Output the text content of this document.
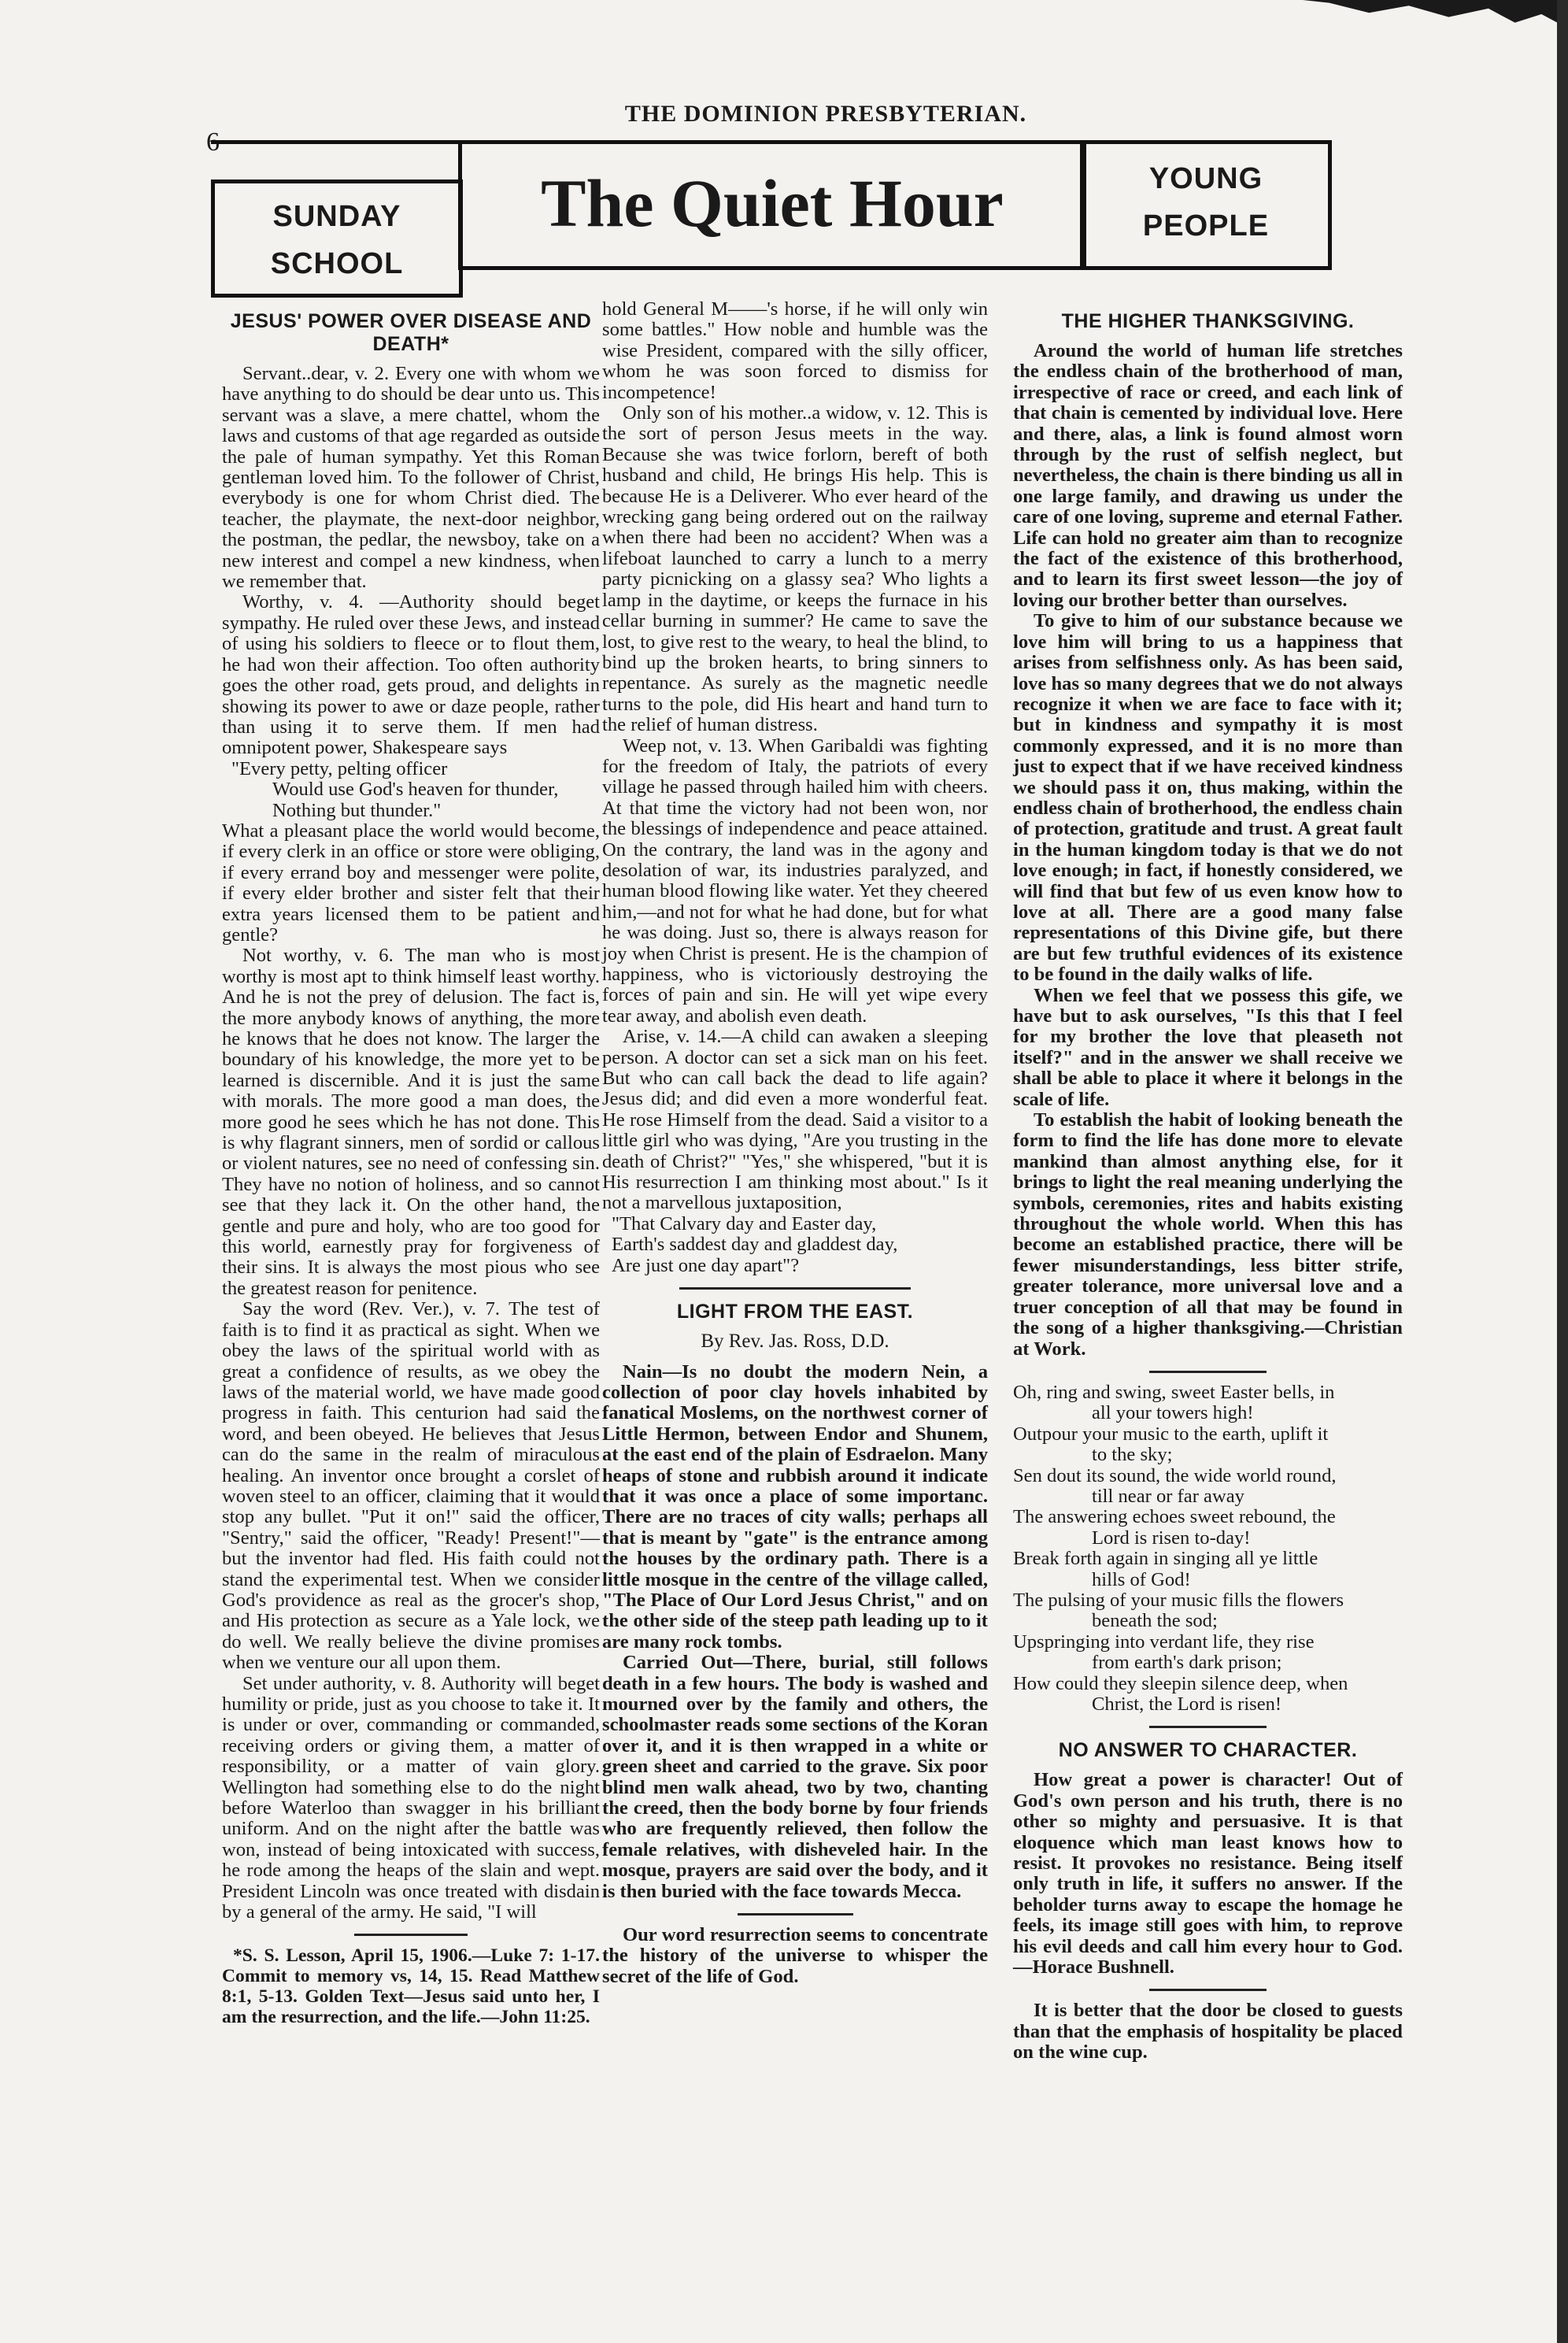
THE DOMINION PRESBYTERIAN.
6
SUNDAY
SCHOOL
The Quiet Hour	YOUNG
PEOPLE
JESUS' POWER OVER DISEASE AND DEATH*

Servant..dear, v. 2. Every one with whom we have anything to do should be dear unto us. This servant was a slave, a mere chattel, whom the laws and customs of that age regarded as outside the pale of human sympathy. Yet this Roman gentleman loved him. To the follower of Christ, everybody is one for whom Christ died. The teacher, the playmate, the next-door neighbor, the postman, the pedlar, the newsboy, take on a new interest and compel a new kindness, when we remember that.

Worthy, v. 4. —Authority should beget sympathy. He ruled over these Jews, and instead of using his soldiers to fleece or to flout them, he had won their affection. Too often authority goes the other road, gets proud, and delights in showing its power to awe or daze people, rather than using it to serve them. If men had omnipotent power, Shakespeare says

"Every petty, pelting officer

Would use God's heaven for thunder,

Nothing but thunder."

What a pleasant place the world would become, if every clerk in an office or store were obliging, if every errand boy and messenger were polite, if every elder brother and sister felt that their extra years licensed them to be patient and gentle?

Not worthy, v. 6. The man who is most worthy is most apt to think himself least worthy. And he is not the prey of delusion. The fact is, the more anybody knows of anything, the more he knows that he does not know. The larger the boundary of his knowledge, the more yet to be learned is discernible. And it is just the same with morals. The more good a man does, the more good he sees which he has not done. This is why flagrant sinners, men of sordid or callous or violent natures, see no need of confessing sin. They have no notion of holiness, and so cannot see that they lack it. On the other hand, the gentle and pure and holy, who are too good for this world, earnestly pray for forgiveness of their sins. It is always the most pious who see the greatest reason for penitence.

Say the word (Rev. Ver.), v. 7. The test of faith is to find it as practical as sight. When we obey the laws of the spiritual world with as great a confidence of results, as we obey the laws of the material world, we have made good progress in faith. This centurion had said the word, and been obeyed. He believes that Jesus can do the same in the realm of miraculous healing. An inventor once brought a corslet of woven steel to an officer, claiming that it would stop any bullet. "Put it on!" said the officer, "Sentry," said the officer, "Ready! Present!"—but the inventor had fled. His faith could not stand the experimental test. When we consider God's providence as real as the grocer's shop, and His protection as secure as a Yale lock, we do well. We really believe the divine promises when we venture our all upon them.

Set under authority, v. 8. Authority will beget humility or pride, just as you choose to take it. It is under or over, commanding or commanded, receiving orders or giving them, a matter of responsibility, or a matter of vain glory. Wellington had something else to do the night before Waterloo than swagger in his brilliant uniform. And on the night after the battle was won, instead of being intoxicated with success, he rode among the heaps of the slain and wept. President Lincoln was once treated with disdain by a general of the army. He said, "I will

*S. S. Lesson, April 15, 1906.—Luke 7: 1-17. Commit to memory vs, 14, 15. Read Matthew 8:1, 5-13. Golden Text—Jesus said unto her, I am the resurrection, and the life.—John 11:25.

hold General M——'s horse, if he will only win some battles." How noble and humble was the wise President, compared with the silly officer, whom he was soon forced to dismiss for incompetence!

Only son of his mother..a widow, v. 12. This is the sort of person Jesus meets in the way. Because she was twice forlorn, bereft of both husband and child, He brings His help. This is because He is a Deliverer. Who ever heard of the wrecking gang being ordered out on the railway when there had been no accident? When was a lifeboat launched to carry a lunch to a merry party picnicking on a glassy sea? Who lights a lamp in the daytime, or keeps the furnace in his cellar burning in summer? He came to save the lost, to give rest to the weary, to heal the blind, to bind up the broken hearts, to bring sinners to repentance. As surely as the magnetic needle turns to the pole, did His heart and hand turn to the relief of human distress.

Weep not, v. 13. When Garibaldi was fighting for the freedom of Italy, the patriots of every village he passed through hailed him with cheers. At that time the victory had not been won, nor the blessings of independence and peace attained. On the contrary, the land was in the agony and desolation of war, its industries paralyzed, and human blood flowing like water. Yet they cheered him,—and not for what he had done, but for what he was doing. Just so, there is always reason for joy when Christ is present. He is the champion of happiness, who is victoriously destroying the forces of pain and sin. He will yet wipe every tear away, and abolish even death.

Arise, v. 14.—A child can awaken a sleeping person. A doctor can set a sick man on his feet. But who can call back the dead to life again? Jesus did; and did even a more wonderful feat. He rose Himself from the dead. Said a visitor to a little girl who was dying, "Are you trusting in the death of Christ?" "Yes," she whispered, "but it is His resurrection I am thinking most about." Is it not a marvellous juxtaposition,

"That Calvary day and Easter day,

Earth's saddest day and gladdest day,

Are just one day apart"?

LIGHT FROM THE EAST.
By Rev. Jas. Ross, D.D.

Nain—Is no doubt the modern Nein, a collection of poor clay hovels inhabited by fanatical Moslems, on the northwest corner of Little Hermon, between Endor and Shunem, at the east end of the plain of Esdraelon. Many heaps of stone and rubbish around it indicate that it was once a place of some importanc. There are no traces of city walls; perhaps all that is meant by "gate" is the entrance among the houses by the ordinary path. There is a little mosque in the centre of the village called, "The Place of Our Lord Jesus Christ," and on the other side of the steep path leading up to it are many rock tombs.

Carried Out—There, burial, still follows death in a few hours. The body is washed and mourned over by the family and others, the schoolmaster reads some sections of the Koran over it, and it is then wrapped in a white or green sheet and carried to the grave. Six poor blind men walk ahead, two by two, chanting the creed, then the body borne by four friends who are frequently relieved, then follow the female relatives, with disheveled hair. In the mosque, prayers are said over the body, and it is then buried with the face towards Mecca.

Our word resurrection seems to concentrate the history of the universe to whisper the secret of the life of God.

THE HIGHER THANKSGIVING.

Around the world of human life stretches the endless chain of the brotherhood of man, irrespective of race or creed, and each link of that chain is cemented by individual love. Here and there, alas, a link is found almost worn through by the rust of selfish neglect, but nevertheless, the chain is there binding us all in one large family, and drawing us under the care of one loving, supreme and eternal Father. Life can hold no greater aim than to recognize the fact of the existence of this brotherhood, and to learn its first sweet lesson—the joy of loving our brother better than ourselves.

To give to him of our substance because we love him will bring to us a happiness that arises from selfishness only. As has been said, love has so many degrees that we do not always recognize it when we are face to face with it; but in kindness and sympathy it is most commonly expressed, and it is no more than just to expect that if we have received kindness we should pass it on, thus making, within the endless chain of brotherhood, the endless chain of protection, gratitude and trust. A great fault in the human kingdom today is that we do not love enough; in fact, if honestly considered, we will find that but few of us even know how to love at all. There are a good many false representations of this Divine gife, but there are but few truthful evidences of its existence to be found in the daily walks of life.

When we feel that we possess this gife, we have but to ask ourselves, "Is this that I feel for my brother the love that pleaseth not itself?" and in the answer we shall receive we shall be able to place it where it belongs in the scale of life.

To establish the habit of looking beneath the form to find the life has done more to elevate mankind than almost anything else, for it brings to light the real meaning underlying the symbols, ceremonies, rites and habits existing throughout the whole world. When this has become an established practice, there will be fewer misunderstandings, less bitter strife, greater tolerance, more universal love and a truer conception of all that may be found in the song of a higher thanksgiving.—Christian at Work.

Oh, ring and swing, sweet Easter bells, in
all your towers high!
Outpour your music to the earth, uplift it
to the sky;
Sen dout its sound, the wide world round,
till near or far away
The answering echoes sweet rebound, the
Lord is risen to-day!
Break forth again in singing all ye little
hills of God!
The pulsing of your music fills the flowers
beneath the sod;
Upspringing into verdant life, they rise
from earth's dark prison;
How could they sleepin silence deep, when
Christ, the Lord is risen!
NO ANSWER TO CHARACTER.

How great a power is character! Out of God's own person and his truth, there is no other so mighty and persuasive. It is that eloquence which man least knows how to resist. It provokes no resistance. Being itself only truth in life, it suffers no answer. If the beholder turns away to escape the homage he feels, its image still goes with him, to reprove his evil deeds and call him every hour to God.—Horace Bushnell.

It is better that the door be closed to guests than that the emphasis of hospitality be placed on the wine cup.
